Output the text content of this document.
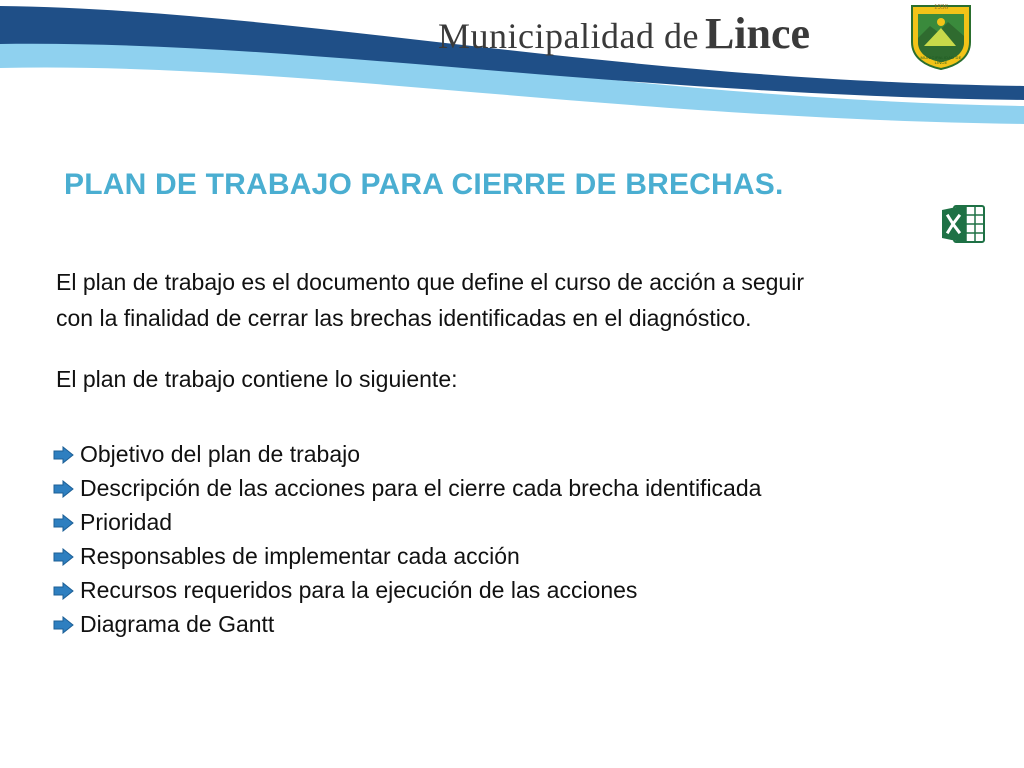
Municipalidad de Lince
1936
MUNICIPALIDAD DE LINCE
PLAN DE TRABAJO PARA CIERRE DE BRECHAS.

El plan de trabajo es el documento que define el curso de acción a seguir

con la finalidad de cerrar las brechas identificadas en el diagnóstico.

El plan de trabajo contiene lo siguiente:

Objetivo del plan de trabajo
Descripción de las acciones para el cierre cada brecha identificada
Prioridad
Responsables de implementar cada acción
Recursos requeridos para la ejecución de las acciones
Diagrama de Gantt
